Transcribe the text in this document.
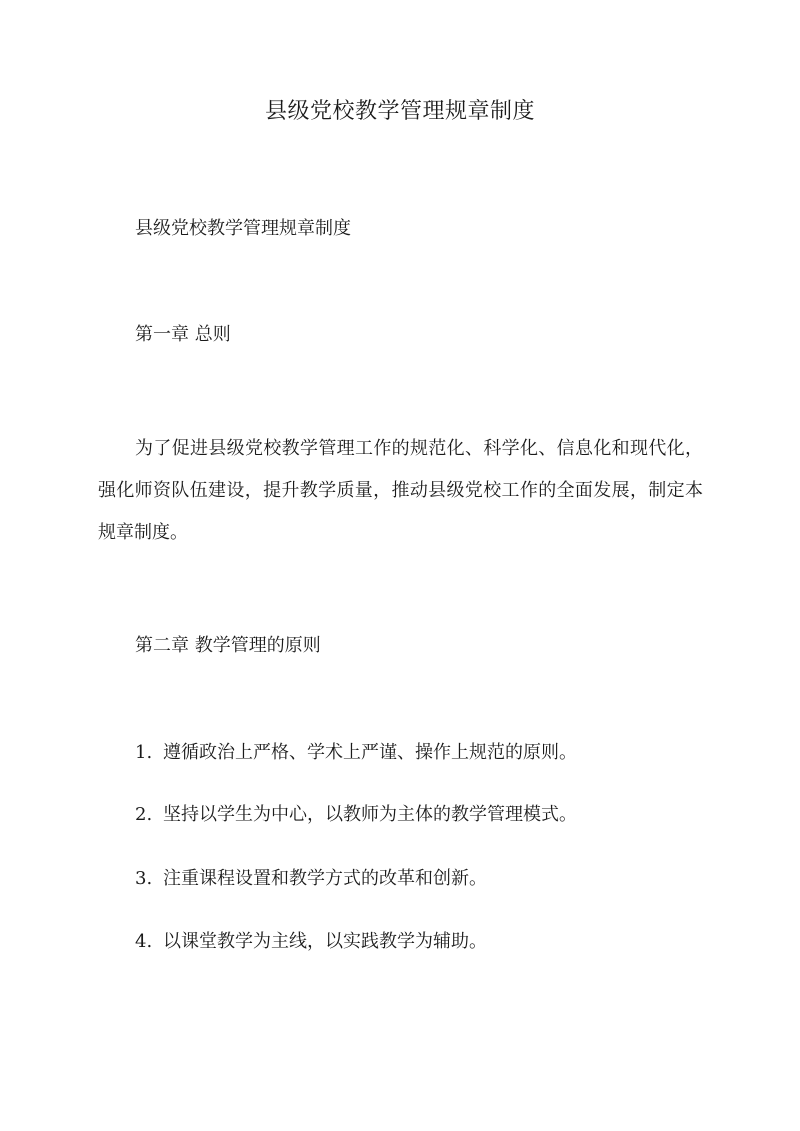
县级党校教学管理规章制度

县级党校教学管理规章制度

第一章 总则

为了促进县级党校教学管理工作的规范化、科学化、信息化和现代化，强化师资队伍建设，提升教学质量，推动县级党校工作的全面发展，制定本规章制度。

第二章 教学管理的原则

1. 遵循政治上严格、学术上严谨、操作上规范的原则。

2. 坚持以学生为中心，以教师为主体的教学管理模式。

3. 注重课程设置和教学方式的改革和创新。

4. 以课堂教学为主线，以实践教学为辅助。
